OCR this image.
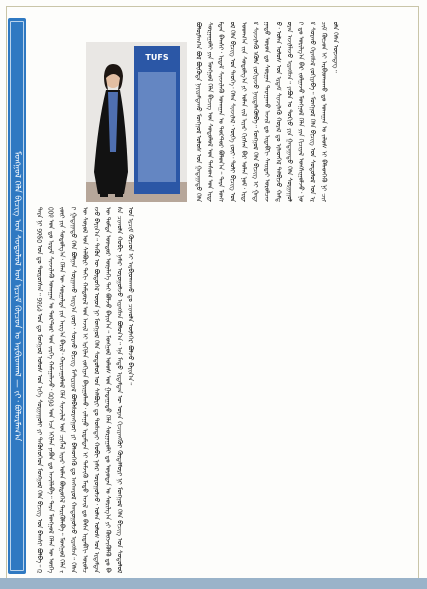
ᠮᠣᠩᠭᠣᠯ ᠬᠡᠯᠡ ᠪᠢᠴᠢᠭ ᠤᠨ ᠰᠤᠳᠤᠯᠤᠯ ᠤᠨ ᠡᠷᠴᠢᠮ ᠬᠦᠴᠦᠨ ᠤ ᠠᠷᠪᠢᠳᠬᠠᠯ — ᠵᠢ᠂ ᠪᠣᠯᠣᠷᠮᠠᠭ᠎ᠠ
TUFS	ᠪᠣᠯᠣᠷᠮᠠᠭ᠎ᠠ ᠪᠣᠯ ᠪᠦᠭᠦᠳᠡ ᠨᠠᠶᠢᠷᠠᠮᠳᠠᠬᠤ ᠮᠣᠩᠭᠣᠯ ᠤᠯᠤᠰ ᠤᠨ ᠭᠠᠳᠠᠭᠠᠳᠤ ᠬᠡᠯᠡ ᠰᠤᠷᠭᠠᠭᠤᠯᠢ ᠶᠢᠨ ᠮᠣᠩᠭᠣᠯ ᠬᠡᠯᠡ ᠪᠢᠴᠢᠭ ᠤᠨ ᠰᠤᠳᠤᠯᠤᠯ ᠤᠨ ᠲᠠᠰᠤᠭ ᠤᠨ ᠡᠷᠳᠡᠮᠲᠡᠨ ᠪᠠᠭᠰᠢ᠂ ᠡᠷᠳᠡᠮ ᠰᠢᠨᠵᠢᠯᠡᠬᠦ ᠤᠬᠠᠭᠠᠨ ᠤ ᠳᠣᠺᠲ᠋ᠣᠷ ᠪᠣᠯᠣᠨ᠎ᠠ᠃ ᠲᠡᠷᠡ ᠮᠣᠩᠭᠣᠯ ᠬᠡᠯᠡ ᠪᠢᠴᠢᠭ ᠤᠨ ᠲᠡᠦᠬᠡ᠂ ᠬᠡᠯᠡᠨ ᠰᠢᠨᠵᠢᠯᠡᠯ᠂ ᠦᠭᠡ ᠵᠦᠢ᠂ ᠲᠣᠯᠢ ᠪᠢᠴᠢᠭ ᠤᠨ ᠤᠳᠬ᠎ᠠ ᠵᠢᠨ ᠰᠤᠳᠤᠯᠭ᠎ᠠ ᠶᠢ ᠣᠯᠠᠨ ᠵᠢᠯ ᠢᠶᠡᠷ ᠬᠢᠭᠰᠡᠨ ᠪᠡᠷ ᠣᠯᠠᠨ ᠨᠣᠮ᠂ ᠡᠷᠳᠡᠮ ᠰᠢᠨᠵᠢᠯᠡᠬᠦ ᠡᠭᠦᠯᠡ ᠵᠣᠬᠢᠶᠠᠵᠤ ᠨᠡᠢᠲᠡᠯᠡᠭᠦᠯᠪᠡ᠃ ᠮᠣᠩᠭᠣᠯ ᠬᠡᠯᠡ ᠪᠢᠴᠢᠭ ᠢ ᠭᠠᠳᠠᠭᠠᠳᠤ ᠣᠷᠣᠨ ᠳᠤ ᠰᠤᠷᠭᠠᠨ ᠲᠠᠷᠠᠭᠠᠬᠤ ᠠᠵᠢᠯ ᠳᠤ ᠢᠳᠡᠪᠬᠢ ᠰᠠᠢᠲᠠᠢ ᠣᠷᠣᠯᠴᠠᠵᠤ᠂ ᠣᠯᠠᠨ ᠤᠯᠤᠰ ᠤᠨ ᠡᠷᠳᠡᠮ ᠰᠢᠨᠵᠢᠯᠡᠬᠦ ᠬᠤᠷᠠᠯ ᠳᠤ ᠢᠯᠡᠳᠬᠡᠯ ᠲᠠᠯᠪᠢᠵᠤ ᠬᠠᠮᠲᠤᠷᠠᠨ ᠠᠵᠢᠯᠯᠠᠵᠤ ᠢᠷᠡᠭᠰᠡᠨ᠃ ᠶᠠᠫᠣᠨ ᠤ ᠲᠣᠺᠢᠣ ᠶᠢᠨ ᠭᠠᠳᠠᠭᠠᠳᠤ ᠬᠡᠯᠡ ᠰᠤᠷᠭᠠᠭᠤᠯᠢ ᠳᠤ ᠤᠷᠢᠯᠭ᠎ᠠ ᠪᠠᠷ ᠵᠣᠯᠭᠠᠵᠤ ᠮᠣᠩᠭᠣᠯ ᠬᠡᠯᠡ ᠶᠢᠨ ᠬᠢᠴᠢᠶᠡᠯ ᠤᠩᠰᠢᠭᠤᠯᠵᠤ᠂ ᠨᠣᠮ ᠰᠤᠷᠬᠤ ᠬᠡᠷᠡᠭᠰᠡᠯ ᠵᠣᠬᠢᠶᠠᠪᠠ᠃ ᠮᠣᠩᠭᠣᠯ ᠬᠡᠯᠡ ᠪᠢᠴᠢᠭ ᠤᠨ ᠰᠤᠳᠤᠯᠤᠯ ᠤᠨ ᠡᠷᠴᠢᠮ ᠬᠦᠴᠦᠨ ᠢ ᠠᠷᠪᠢᠳᠬᠠᠬᠤ ᠳᠤ ᠤᠬᠠᠭᠠᠨ ᠤ ᠵᠠᠯᠤᠰ ᠢ ᠪᠡᠯᠡᠳᠬᠡᠬᠦ ᠨᠢ ᠴᠢᠬᠤᠯᠠ ᠬᠡᠮᠡᠨ ᠦᠵᠡᠳᠡᠭ᠃
ᠲᠡᠷᠡ ᠨᠢ ᠑᠙᠖᠐ ᠣᠨ ᠳᠤ ᠲᠥᠷᠦᠭᠰᠡᠨ᠃ ᠑᠙᠘᠔ ᠣᠨ ᠳᠤ ᠮᠣᠩᠭᠣᠯ ᠤᠯᠤᠰ ᠤᠨ ᠢᠬᠡ ᠰᠤᠷᠭᠠᠭᠤᠯᠢ ᠶᠢ ᠲᠡᠭᠦᠰᠦᠭᠡᠳ ᠮᠣᠩᠭᠣᠯ ᠬᠡᠯᠡ ᠪᠢᠴᠢᠭ ᠤᠨ ᠪᠠᠭᠰᠢ ᠪᠣᠯᠪᠠ᠃ ᠒᠐᠐᠙ ᠣᠨ ᠳᠤ ᠡᠷᠳᠡᠮ ᠰᠢᠨᠵᠢᠯᠡᠬᠦ ᠤᠬᠠᠭᠠᠨ ᠤ ᠳᠣᠺᠲ᠋ᠣᠷ ᠤᠨ ᠵᠡᠷᠭᠡ ᠬᠠᠮᠠᠭᠠᠯᠠᠵᠤ᠂ ᠒᠐᠑᠔ ᠣᠨ ᠡᠴᠡ ᠡᠬᠢᠯᠡᠨ ᠶᠠᠫᠣᠨ ᠳᠤ ᠠᠵᠢᠯᠯᠠᠪᠠ᠃ ᠲᠡᠷᠡ ᠮᠣᠩᠭᠣᠯ ᠬᠡᠯᠡᠨ ᠦ ᠦᠭᠡ ᠵᠦᠢ ᠶᠢᠨ ᠰᠤᠳᠤᠯᠭ᠎ᠠ᠂ ᠬᠡᠯᠡᠨ ᠦ ᠰᠤᠷᠭᠠᠯᠲᠠ ᠶᠢᠨ ᠠᠷᠭ᠎ᠠ ᠪᠠᠷᠢᠯ᠂ ᠬᠠᠷᠢᠴᠠᠭᠤᠯᠤᠯ ᠬᠡᠯᠡ ᠰᠢᠨᠵᠢᠯᠡᠯ ᠤᠨ ᠴᠢᠭᠯᠡᠯ ᠢᠶᠡᠷ ᠣᠯᠠᠨ ᠪᠦᠲᠦᠭᠡᠯ ᠲᠡᠷᠢᠭᠦᠯᠡᠪᠡ᠃ ᠮᠣᠩᠭᠣᠯ ᠬᠡᠯᠡ ᠵᠢ ᠭᠠᠳᠠᠭᠠᠳᠤ ᠬᠡᠯᠡ ᠪᠣᠯᠭᠠᠨ ᠰᠤᠷᠭᠠᠬᠤ ᠠᠷᠭ᠎ᠠ ᠵᠦᠢ᠂ ᠰᠤᠷᠬᠤ ᠪᠢᠴᠢᠭ ᠮᠠᠲ᠋ᠧᠷᠢᠶᠠᠯ ᠪᠣᠯᠪᠠᠰᠤᠷᠠᠩᠭᠤᠢ ᠶᠢ ᠪᠡᠯᠡᠳᠬᠡᠬᠦ ᠳᠤ ᠠᠩᠬᠠᠷᠤᠯ ᠬᠠᠨᠳᠤᠭᠤᠯᠵᠤ ᠢᠷᠡᠭᠰᠡᠨ᠃ ᠬᠡᠯᠡᠨ ᠦ ᠰᠣᠶᠣᠯ ᠤᠨ ᠰᠠᠯᠪᠤᠷᠢ ᠳᠠᠬᠢ ᠬᠠᠮᠲᠤᠷᠠᠯ ᠤᠨ ᠠᠵᠢᠯ ᠢ ᠡᠷᠬᠢᠯᠡᠨ ᠵᠣᠬᠢᠶᠠᠨ ᠪᠠᠶᠢᠭᠤᠯᠬᠤ᠂ ᠵᠠᠯᠠᠭᠤ ᠡᠷᠳᠡᠮᠲᠡᠨ ᠢ ᠳᠡᠮᠵᠢᠬᠦ ᠮᠡᠲᠦ ᠠᠵᠢᠯ ᠳᠤ ᠪᠠᠰᠠ ᠢᠳᠡᠪᠬᠢ ᠣᠷᠣᠯᠴᠠᠵᠤ ᠪᠠᠶᠢᠨ᠎ᠠ᠃ ᠲᠡᠭᠦᠨ ᠦ ᠪᠦᠲᠦᠭᠡᠯ ᠦᠳ ᠨᠢ ᠮᠣᠩᠭᠣᠯ ᠬᠡᠯᠡ ᠰᠤᠳᠤᠯᠤᠯ ᠤᠨ ᠰᠠᠯᠪᠤᠷᠢ ᠳᠤ ᠲᠤᠰᠠᠲᠠᠢ ᠬᠤᠪᠢ ᠨᠡᠮᠡᠷ ᠣᠷᠣᠭᠤᠯᠵᠤ᠂ ᠣᠯᠠᠨ ᠤᠯᠤᠰ ᠤᠨ ᠡᠷᠳᠡᠮᠲᠡᠨ ᠦ ᠳᠤᠮᠳᠠ ᠥᠨᠳᠥᠷ ᠦᠨᠡᠯᠡᠭᠡ ᠲᠠᠢ ᠪᠣᠯᠵᠤ ᠪᠠᠶᠢᠨ᠎ᠠ᠃ ᠮᠣᠩᠭᠣᠯ ᠤᠯᠤᠰ ᠤᠨ ᠭᠠᠳᠠᠭᠠᠳᠤ ᠬᠡᠯᠡ ᠰᠤᠷᠭᠠᠭᠤᠯᠢ ᠳᠤ ᠣᠶᠣᠲᠠᠨ ᠤ ᠰᠣᠷᠢᠯᠭ᠎ᠠ ᠶᠢ ᠬᠥᠭᠵᠢᠭᠦᠯᠬᠦ ᠳᠤ ᠪᠠᠰᠠ ᠴᠢᠬᠤᠯᠠ ᠬᠤᠪᠢ ᠨᠡᠮᠡᠷ ᠣᠷᠣᠭᠤᠯᠵᠤ ᠢᠷᠡᠭᠰᠡᠨ ᠪᠣᠯᠤᠨ᠎ᠠ᠃ ᠡᠨᠡ ᠮᠡᠲᠦ ᠡᠷᠳᠡᠮᠲᠡᠨ ᠦ ᠤᠶᠠᠨ ᠬᠢᠴᠢᠶᠡᠩᠭᠦᠢ ᠬᠥᠳᠡᠯᠮᠦᠷᠢ ᠨᠢ ᠮᠣᠩᠭᠣᠯ ᠬᠡᠯᠡ ᠪᠢᠴᠢᠭ ᠤᠨ ᠰᠤᠳᠤᠯᠤᠯ ᠤᠨ ᠡᠷᠴᠢᠮ ᠬᠦᠴᠦᠨ ᠢ ᠠᠷᠪᠢᠳᠬᠠᠬᠤ ᠳᠤ ᠴᠢᠬᠤᠯᠠ ᠦᠯᠡᠭᠡᠷ ᠪᠣᠯᠵᠤ ᠪᠠᠶᠢᠨ᠎ᠠ᠃
